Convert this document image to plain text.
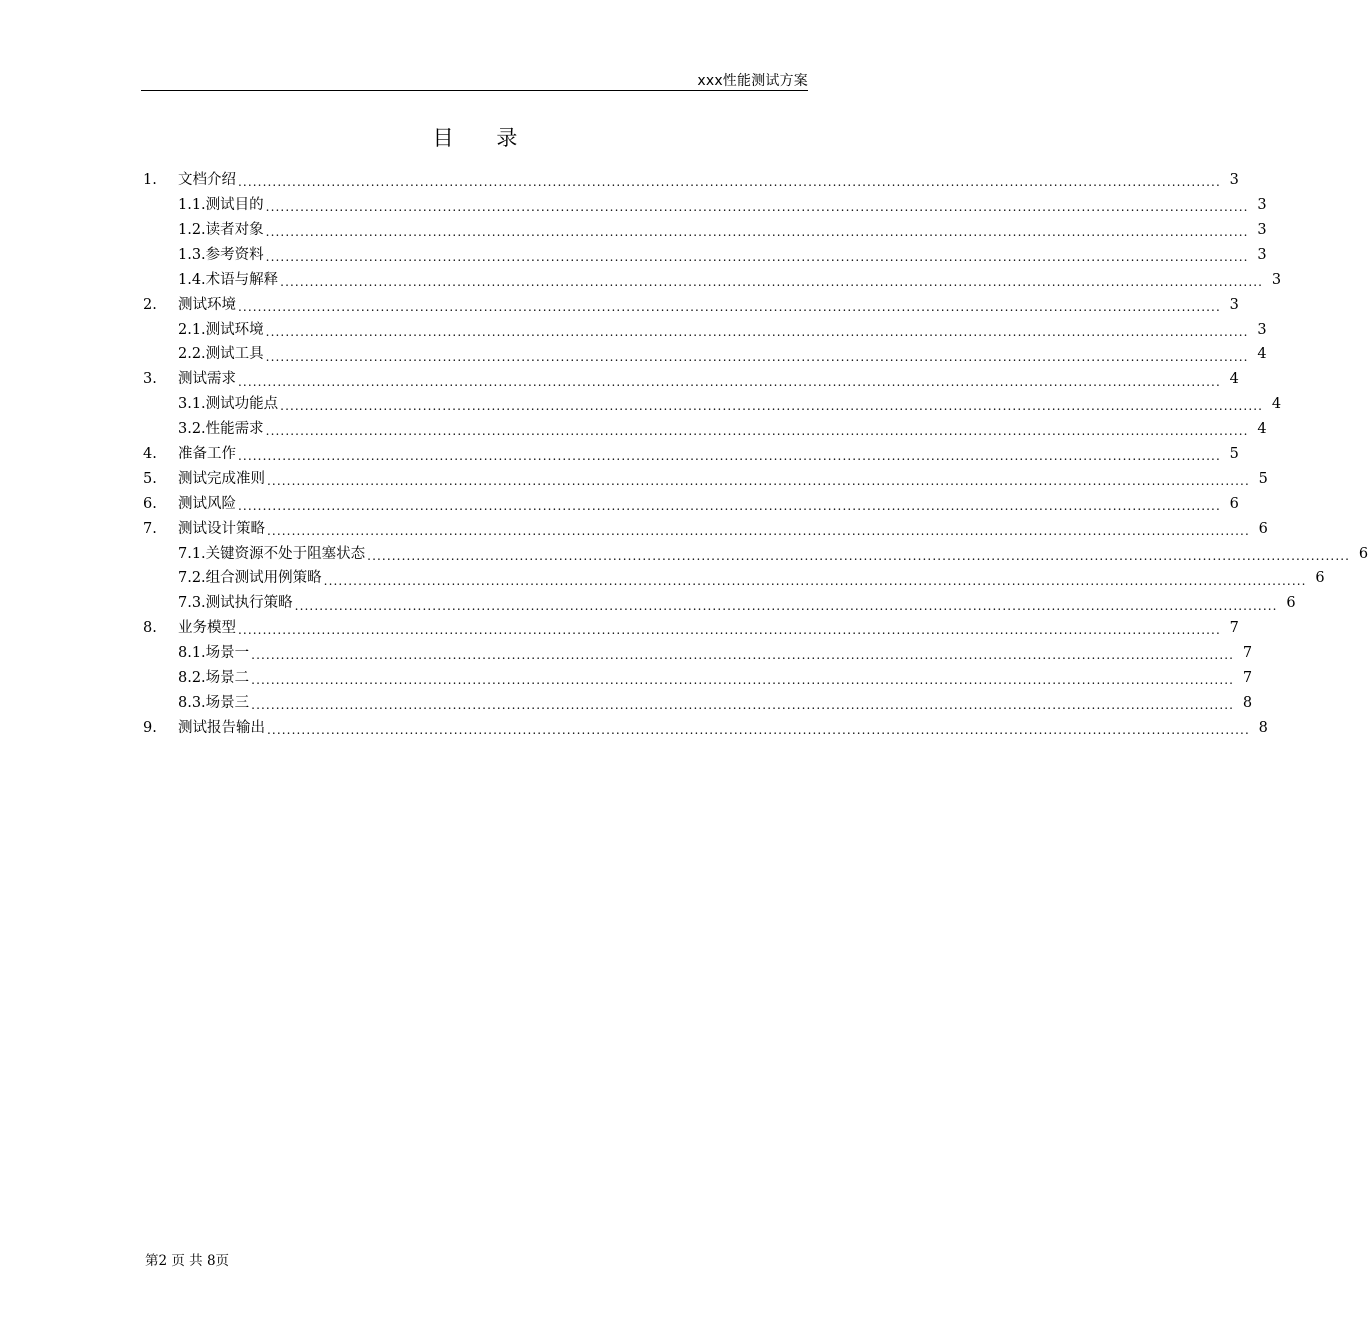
xxx性能测试方案
目 录
1.	文档介绍 ........................................................................................................................................................................................................ 3
1.1.测试目的 ........................................................................................................................................................................................................ 3
1.2.读者对象 ........................................................................................................................................................................................................ 3
1.3.参考资料 ........................................................................................................................................................................................................ 3
1.4.术语与解释 ........................................................................................................................................................................................................ 3
2.	测试环境 ........................................................................................................................................................................................................ 3
2.1.测试环境 ........................................................................................................................................................................................................ 3
2.2.测试工具 ........................................................................................................................................................................................................ 4
3.	测试需求 ........................................................................................................................................................................................................ 4
3.1.测试功能点 ........................................................................................................................................................................................................ 4
3.2.性能需求 ........................................................................................................................................................................................................ 4
4.	准备工作 ........................................................................................................................................................................................................ 5
5.	测试完成准则 ........................................................................................................................................................................................................ 5
6.	测试风险 ........................................................................................................................................................................................................ 6
7.	测试设计策略 ........................................................................................................................................................................................................ 6
7.1.关键资源不处于阻塞状态 ........................................................................................................................................................................................................ 6
7.2.组合测试用例策略 ........................................................................................................................................................................................................ 6
7.3.测试执行策略 ........................................................................................................................................................................................................ 6
8.	业务模型 ........................................................................................................................................................................................................ 7
8.1.场景一 ........................................................................................................................................................................................................ 7
8.2.场景二 ........................................................................................................................................................................................................ 7
8.3.场景三 ........................................................................................................................................................................................................ 8
9.	测试报告输出 ........................................................................................................................................................................................................ 8
第2 页 共 8页
